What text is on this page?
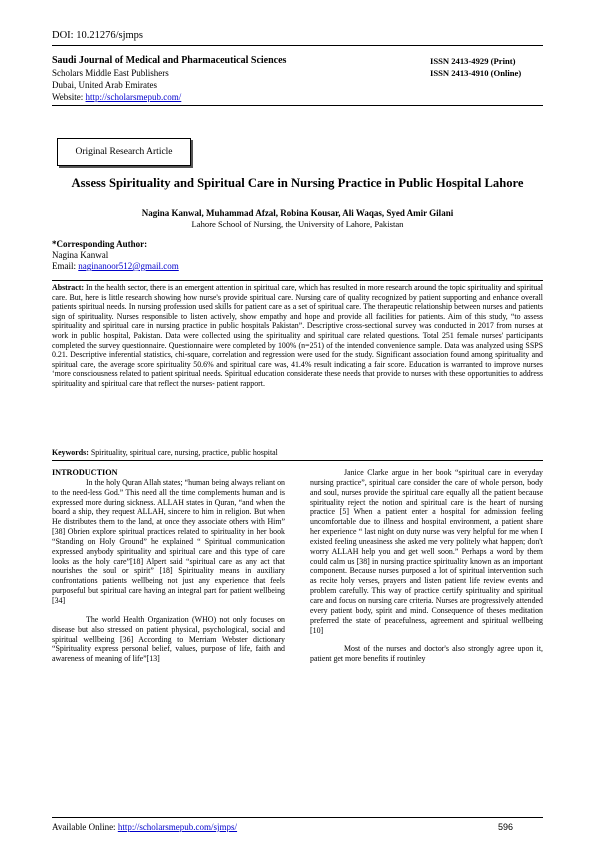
DOI: 10.21276/sjmps
Saudi Journal of Medical and Pharmaceutical Sciences
Scholars Middle East Publishers
Dubai, United Arab Emirates
Website: http://scholarsmepub.com/
ISSN 2413-4929 (Print)
ISSN 2413-4910 (Online)
Original Research Article
Assess Spirituality and Spiritual Care in Nursing Practice in Public Hospital Lahore
Nagina Kanwal, Muhammad Afzal, Robina Kousar, Ali Waqas, Syed Amir Gilani
Lahore School of Nursing, the University of Lahore, Pakistan
*Corresponding Author:
Nagina Kanwal
Email: naginanoor512@gmail.com
Abstract: In the health sector, there is an emergent attention in spiritual care, which has resulted in more research around the topic spirituality and spiritual care. But, here is little research showing how nurse's provide spiritual care. Nursing care of quality recognized by patient supporting and enhance overall patients spiritual needs. In nursing profession used skills for patient care as a set of spiritual care. The therapeutic relationship between nurses and patients sign of spirituality. Nurses responsible to listen actively, show empathy and hope and provide all facilities for patients. Aim of this study, “to assess spirituality and spiritual care in nursing practice in public hospitals Pakistan”. Descriptive cross-sectional survey was conducted in 2017 from nurses at work in public hospital, Pakistan. Data were collected using the spirituality and spiritual care related questions. Total 251 female nurses' participants completed the survey questionnaire. Questionnaire were completed by 100% (n=251) of the intended convenience sample. Data was analyzed using SSPS 0.21. Descriptive inferential statistics, chi-square, correlation and regression were used for the study. Significant association found among spirituality and spiritual care, the average score spirituality 50.6% and spiritual care was, 41.4% result indicating a fair score. Education is warranted to improve nurses ‘more consciousness related to patient spiritual needs. Spiritual education considerate these needs that provide to nurses with these opportunities to address spirituality and spiritual care that reflect the nurses- patient rapport.
Keywords: Spirituality, spiritual care, nursing, practice, public hospital
INTRODUCTION

In the holy Quran Allah states; “human being always reliant on to the need-less God.” This need all the time complements human and is expressed more during sickness. ALLAH states in Quran, “and when the board a ship, they request ALLAH, sincere to him in religion. But when He distributes them to the land, at once they associate others with Him” [38] Obrien explore spiritual practices related to spirituality in her book “Standing on Holy Ground” he explained “ Spiritual communication expressed anybody spirituality and spiritual care and this type of care looks as the holy care”[18] Alpert said “spiritual care as any act that nourishes the soul or spirit” [18] Spirituality means in auxiliary confrontations patients wellbeing not just any experience that feels purposeful but spiritual care having an integral part for patient wellbeing [34]

The world Health Organization (WHO) not only focuses on disease but also stressed on patient physical, psychological, social and spiritual wellbeing [36] According to Merriam Webster dictionary “Spirituality express personal belief, values, purpose of life, faith and awareness of meaning of life”[13]

Janice Clarke argue in her book “spiritual care in everyday nursing practice”, spiritual care consider the care of whole person, body and soul, nurses provide the spiritual care equally all the patient because spirituality reject the notion and spiritual care is the heart of nursing practice [5] When a patient enter a hospital for admission feeling uncomfortable due to illness and hospital environment, a patient share her experience “ last night on duty nurse was very helpful for me when I existed feeling uneasiness she asked me very politely what happen; don't worry ALLAH help you and get well soon.” Perhaps a word by them could calm us [38] in nursing practice spirituality known as an important component. Because nurses purposed a lot of spiritual intervention such as recite holy verses, prayers and listen patient life review events and problem carefully. This way of practice certify spirituality and spiritual care and focus on nursing care criteria. Nurses are progressively attended every patient body, spirit and mind. Consequence of theses meditation preferred the state of peacefulness, agreement and spiritual wellbeing [10]

Most of the nurses and doctor's also strongly agree upon it, patient get more benefits if routinley

Available Online: http://scholarsmepub.com/sjmps/	596
